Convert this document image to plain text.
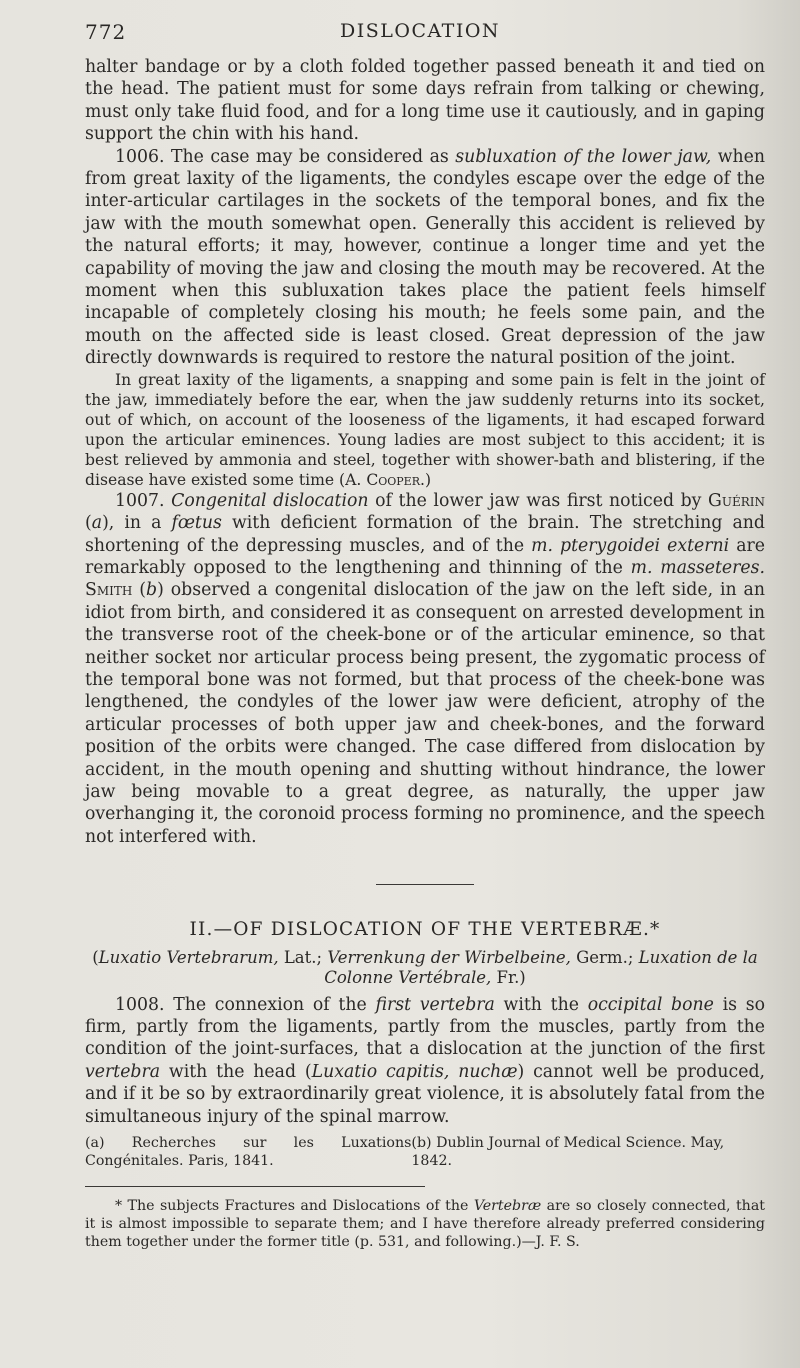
772	DISLOCATION

halter bandage or by a cloth folded together passed beneath it and tied on the head. The patient must for some days refrain from talking or chewing, must only take fluid food, and for a long time use it cautiously, and in gaping support the chin with his hand.

1006. The case may be considered as subluxation of the lower jaw, when from great laxity of the ligaments, the condyles escape over the edge of the inter-articular cartilages in the sockets of the temporal bones, and fix the jaw with the mouth somewhat open. Generally this accident is relieved by the natural efforts; it may, however, continue a longer time and yet the capability of moving the jaw and closing the mouth may be recovered. At the moment when this subluxation takes place the patient feels himself incapable of completely closing his mouth; he feels some pain, and the mouth on the affected side is least closed. Great depression of the jaw directly downwards is required to restore the natural position of the joint.

In great laxity of the ligaments, a snapping and some pain is felt in the joint of the jaw, immediately before the ear, when the jaw suddenly returns into its socket, out of which, on account of the looseness of the ligaments, it had escaped forward upon the articular eminences. Young ladies are most subject to this accident; it is best relieved by ammonia and steel, together with shower-bath and blistering, if the disease have existed some time (A. Cooper.)

1007. Congenital dislocation of the lower jaw was first noticed by Guérin (a), in a fœtus with deficient formation of the brain. The stretching and shortening of the depressing muscles, and of the m. pterygoidei externi are remarkably opposed to the lengthening and thinning of the m. masseteres. Smith (b) observed a congenital dislocation of the jaw on the left side, in an idiot from birth, and considered it as consequent on arrested development in the transverse root of the cheek-bone or of the articular eminence, so that neither socket nor articular process being present, the zygomatic process of the temporal bone was not formed, but that process of the cheek-bone was lengthened, the condyles of the lower jaw were deficient, atrophy of the articular processes of both upper jaw and cheek-bones, and the forward position of the orbits were changed. The case differed from dislocation by accident, in the mouth opening and shutting without hindrance, the lower jaw being movable to a great degree, as naturally, the upper jaw overhanging it, the coronoid process forming no prominence, and the speech not interfered with.

II.—OF DISLOCATION OF THE VERTEBRÆ.*
(Luxatio Vertebrarum, Lat.; Verrenkung der Wirbelbeine, Germ.; Luxation de la Colonne Vertébrale, Fr.)

1008. The connexion of the first vertebra with the occipital bone is so firm, partly from the ligaments, partly from the muscles, partly from the condition of the joint-surfaces, that a dislocation at the junction of the first vertebra with the head (Luxatio capitis, nuchæ) cannot well be produced, and if it be so by extraordinarily great violence, it is absolutely fatal from the simultaneous injury of the spinal marrow.

(a) Recherches sur les Luxations Congénitales. Paris, 1841.
(b) Dublin Journal of Medical Science. May, 1842.

* The subjects Fractures and Dislocations of the Vertebræ are so closely connected, that it is almost impossible to separate them; and I have therefore already preferred considering them together under the former title (p. 531, and following.)—J. F. S.
